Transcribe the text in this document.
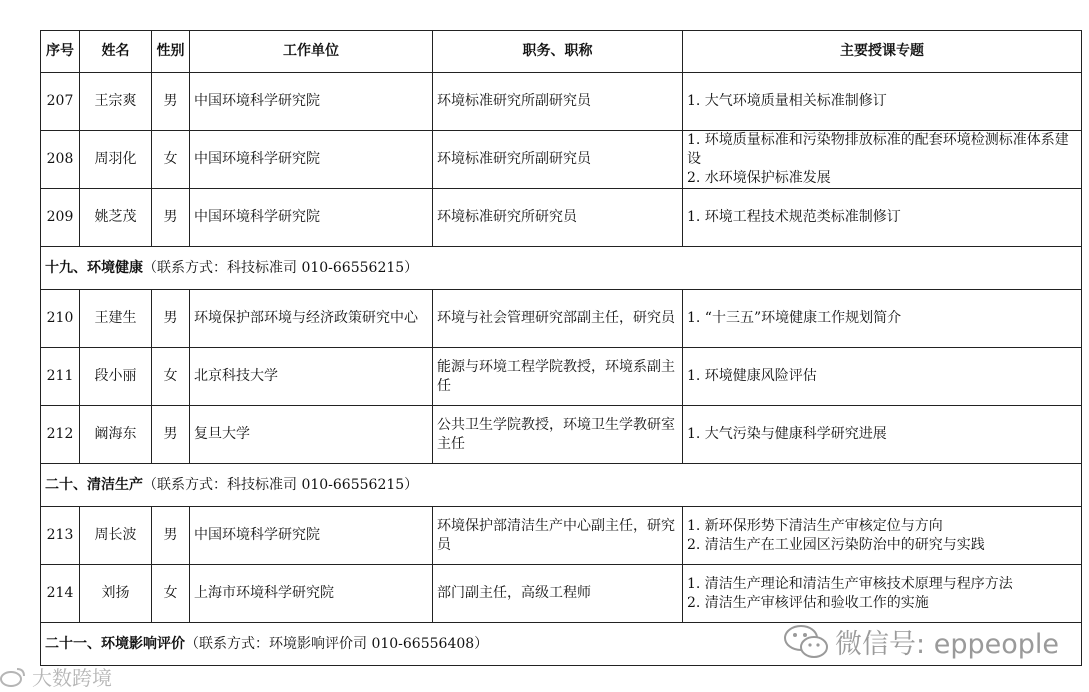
序号	姓名	性别	工作单位	职务、职称	主要授课专题
207	王宗爽	男	中国环境科学研究院	环境标准研究所副研究员	1. 大气环境质量相关标准制修订

208	周羽化	女	中国环境科学研究院	环境标准研究所副研究员	1. 环境质量标准和污染物排放标准的配套环境检测标准体系建设
2. 水环境保护标准发展

209	姚芝茂	男	中国环境科学研究院	环境标准研究所研究员	1. 环境工程技术规范类标准制修订

十九、环境健康（联系方式：科技标准司 010-66556215）					
210	王建生	男	环境保护部环境与经济政策研究中心	环境与社会管理研究部副主任，研究员	1. “十三五”环境健康工作规划简介

211	段小丽	女	北京科技大学	能源与环境工程学院教授，环境系副主任	1. 环境健康风险评估

212	阚海东	男	复旦大学	公共卫生学院教授，环境卫生学教研室主任	1. 大气污染与健康科学研究进展

二十、清洁生产（联系方式：科技标准司 010-66556215）					
213	周长波	男	中国环境科学研究院	环境保护部清洁生产中心副主任，研究员	1. 新环保形势下清洁生产审核定位与方向
2. 清洁生产在工业园区污染防治中的研究与实践

214	刘扬	女	上海市环境科学研究院	部门副主任，高级工程师	1. 清洁生产理论和清洁生产审核技术原理与程序方法
2. 清洁生产审核评估和验收工作的实施

二十一、环境影响评价（联系方式：环境影响评价司 010-66556408）						微信号: eppeople
大数跨境
